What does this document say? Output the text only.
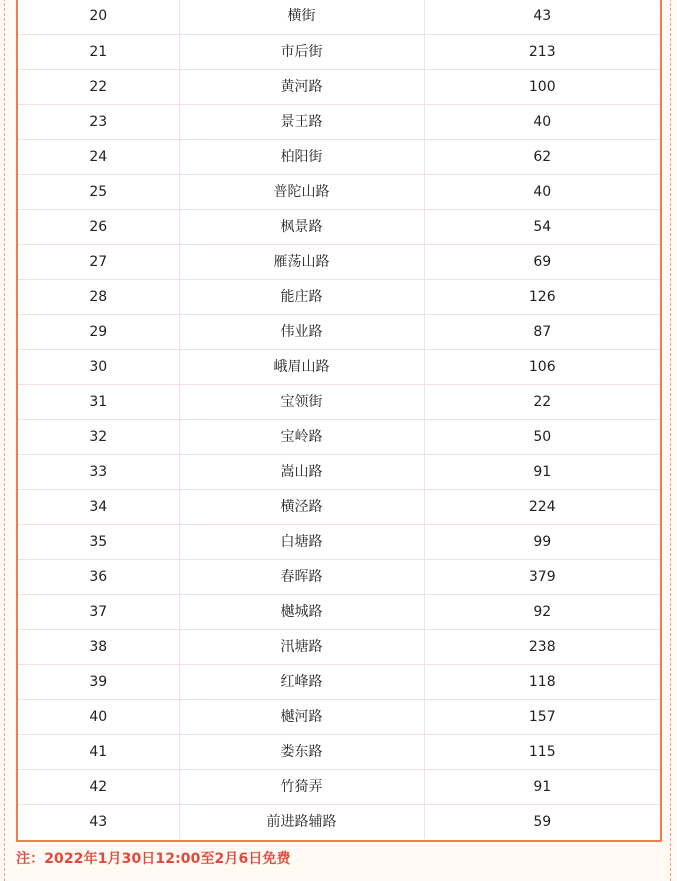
20	横街	43
21	市后街	213
22	黄河路	100
23	景王路	40
24	柏阳街	62
25	普陀山路	40
26	枫景路	54
27	雁荡山路	69
28	能庄路	126
29	伟业路	87
30	峨眉山路	106
31	宝领街	22
32	宝岭路	50
33	嵩山路	91
34	横泾路	224
35	白塘路	99
36	春晖路	379
37	樾城路	92
38	汛塘路	238
39	红峰路	118
40	樾河路	157
41	娄东路	115
42	竹猗弄	91
43	前进路辅路	59
注：2022年1月30日12:00至2月6日免费
